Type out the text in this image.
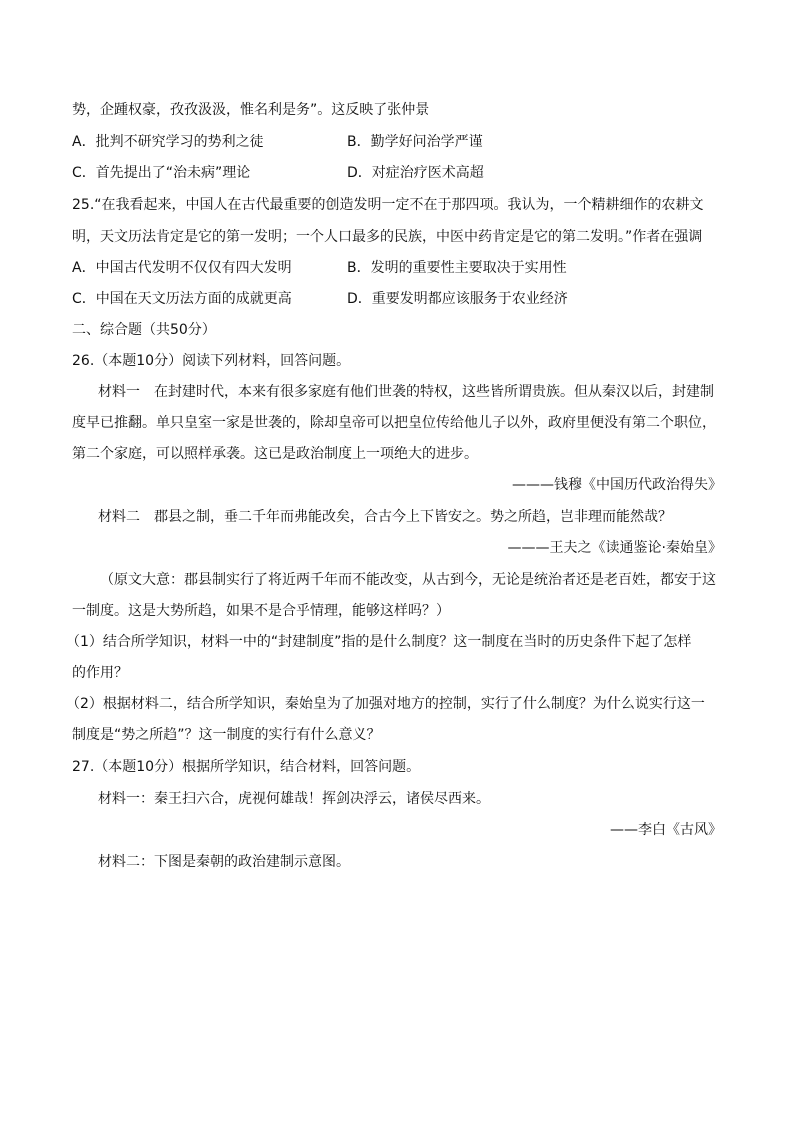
势，企踵权豪，孜孜汲汲，惟名利是务”。这反映了张仲景
A．批判不研究学习的势利之徒	B．勤学好问治学严谨
C．首先提出了“治未病”理论	D．对症治疗医术高超
25.“在我看起来，中国人在古代最重要的创造发明一定不在于那四项。我认为，一个精耕细作的农耕文
明，天文历法肯定是它的第一发明；一个人口最多的民族，中医中药肯定是它的第二发明。”作者在强调
A．中国古代发明不仅仅有四大发明	B．发明的重要性主要取决于实用性
C．中国在天文历法方面的成就更高	D．重要发明都应该服务于农业经济
二、综合题（共50分）
26.（本题10分）阅读下列材料，回答问题。
材料一　在封建时代，本来有很多家庭有他们世袭的特权，这些皆所谓贵族。但从秦汉以后，封建制
度早已推翻。单只皇室一家是世袭的，除却皇帝可以把皇位传给他儿子以外，政府里便没有第二个职位，
第二个家庭，可以照样承袭。这已是政治制度上一项绝大的进步。
———钱穆《中国历代政治得失》
材料二　郡县之制，垂二千年而弗能改矣，合古今上下皆安之。势之所趋，岂非理而能然哉？
———王夫之《读通鉴论·秦始皇》
（原文大意：郡县制实行了将近两千年而不能改变，从古到今，无论是统治者还是老百姓，都安于这
一制度。这是大势所趋，如果不是合乎情理，能够这样吗？）
（1）结合所学知识，材料一中的“封建制度”指的是什么制度？这一制度在当时的历史条件下起了怎样
的作用？
（2）根据材料二，结合所学知识，秦始皇为了加强对地方的控制，实行了什么制度？为什么说实行这一
制度是“势之所趋”？这一制度的实行有什么意义？
27.（本题10分）根据所学知识，结合材料，回答问题。
材料一：秦王扫六合，虎视何雄哉！挥剑决浮云，诸侯尽西来。
——李白《古风》
材料二：下图是秦朝的政治建制示意图。
